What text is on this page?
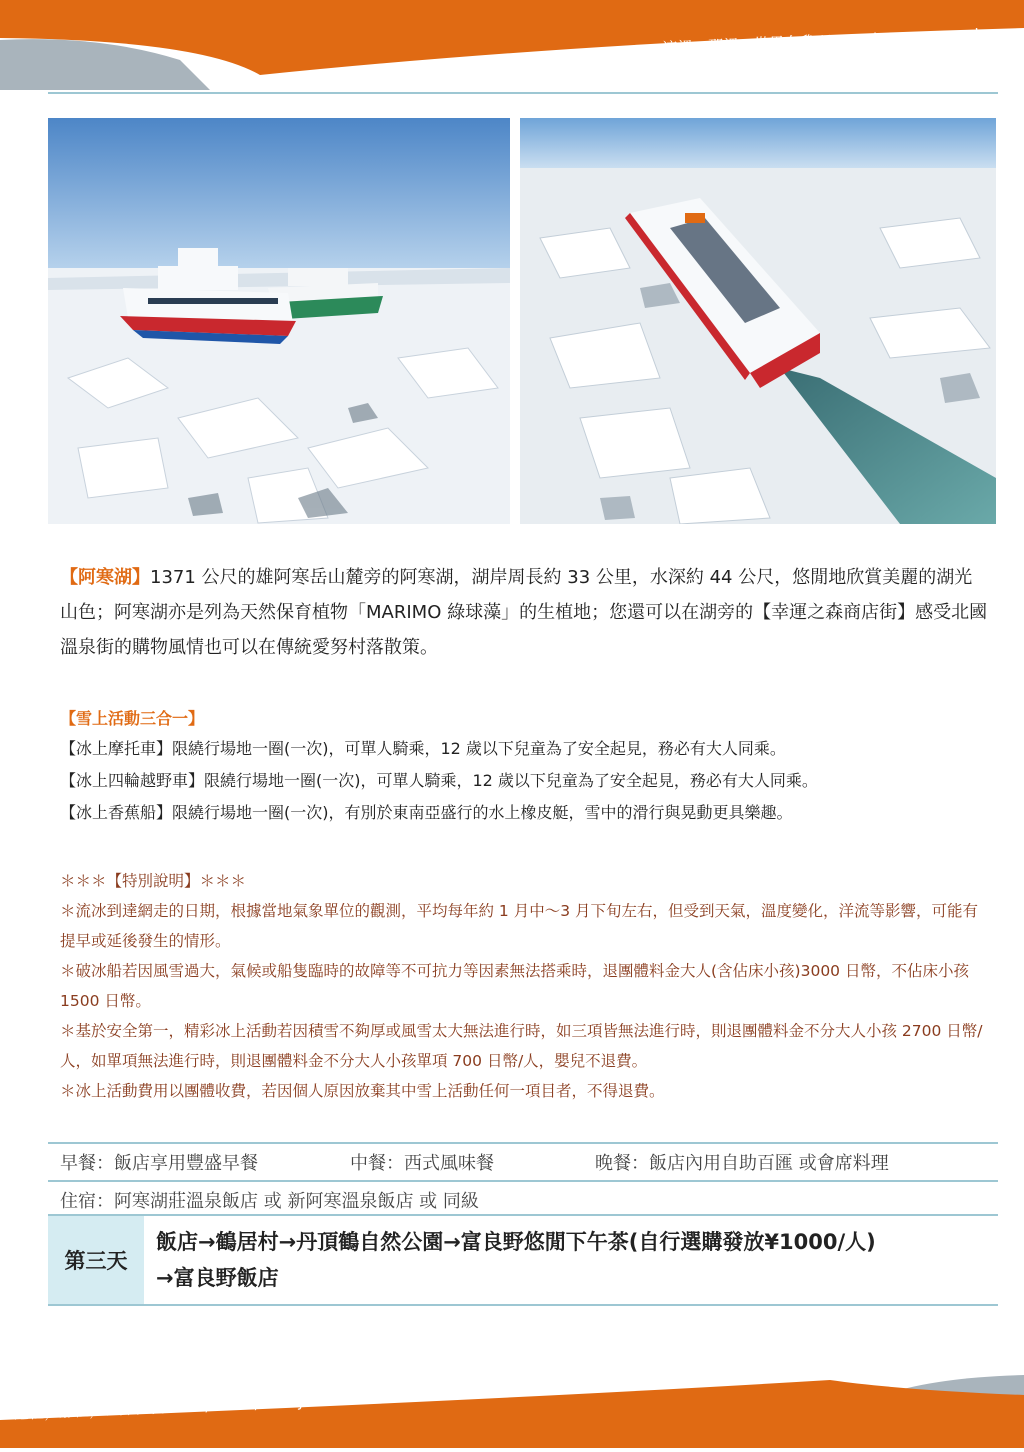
這裡，那裡，世界在我 Here, there, everywhere
【阿寒湖】1371 公尺的雄阿寒岳山麓旁的阿寒湖，湖岸周長約 33 公里，水深約 44 公尺，悠閒地欣賞美麗的湖光山色；阿寒湖亦是列為天然保育植物「MARIMO 綠球藻」的生植地；您還可以在湖旁的【幸運之森商店街】感受北國溫泉街的購物風情也可以在傳統愛努村落散策。
【雪上活動三合一】
【冰上摩托車】限繞行場地一圈(一次)，可單人騎乘，12 歲以下兒童為了安全起見，務必有大人同乘。
【冰上四輪越野車】限繞行場地一圈(一次)，可單人騎乘，12 歲以下兒童為了安全起見，務必有大人同乘。
【冰上香蕉船】限繞行場地一圈(一次)，有別於東南亞盛行的水上橡皮艇，雪中的滑行與晃動更具樂趣。

＊＊＊【特別說明】＊＊＊

＊流冰到達網走的日期，根據當地氣象單位的觀測，平均每年約 1 月中～3 月下旬左右，但受到天氣，溫度變化，洋流等影響，可能有提早或延後發生的情形。

＊破冰船若因風雪過大，氣候或船隻臨時的故障等不可抗力等因素無法搭乘時，退團體料金大人(含佔床小孩)3000 日幣，不佔床小孩 1500 日幣。

＊基於安全第一，精彩冰上活動若因積雪不夠厚或風雪太大無法進行時，如三項皆無法進行時，則退團體料金不分大人小孩 2700 日幣/人，如單項無法進行時，則退團體料金不分大人小孩單項 700 日幣/人，嬰兒不退費。

＊冰上活動費用以團體收費，若因個人原因放棄其中雪上活動任何一項目者，不得退費。

早餐：飯店享用豐盛早餐	中餐：西式風味餐	晚餐：飯店內用自助百匯 或會席料理
住宿：阿寒湖莊溫泉飯店 或 新阿寒溫泉飯店 或 同級
第三天
飯店→鶴居村→丹頂鶴自然公園→富良野悠閒下午茶(自行選購發放¥1000/人)
→富良野飯店
這裡，那裡，世界在我 Here, there, everywhere
